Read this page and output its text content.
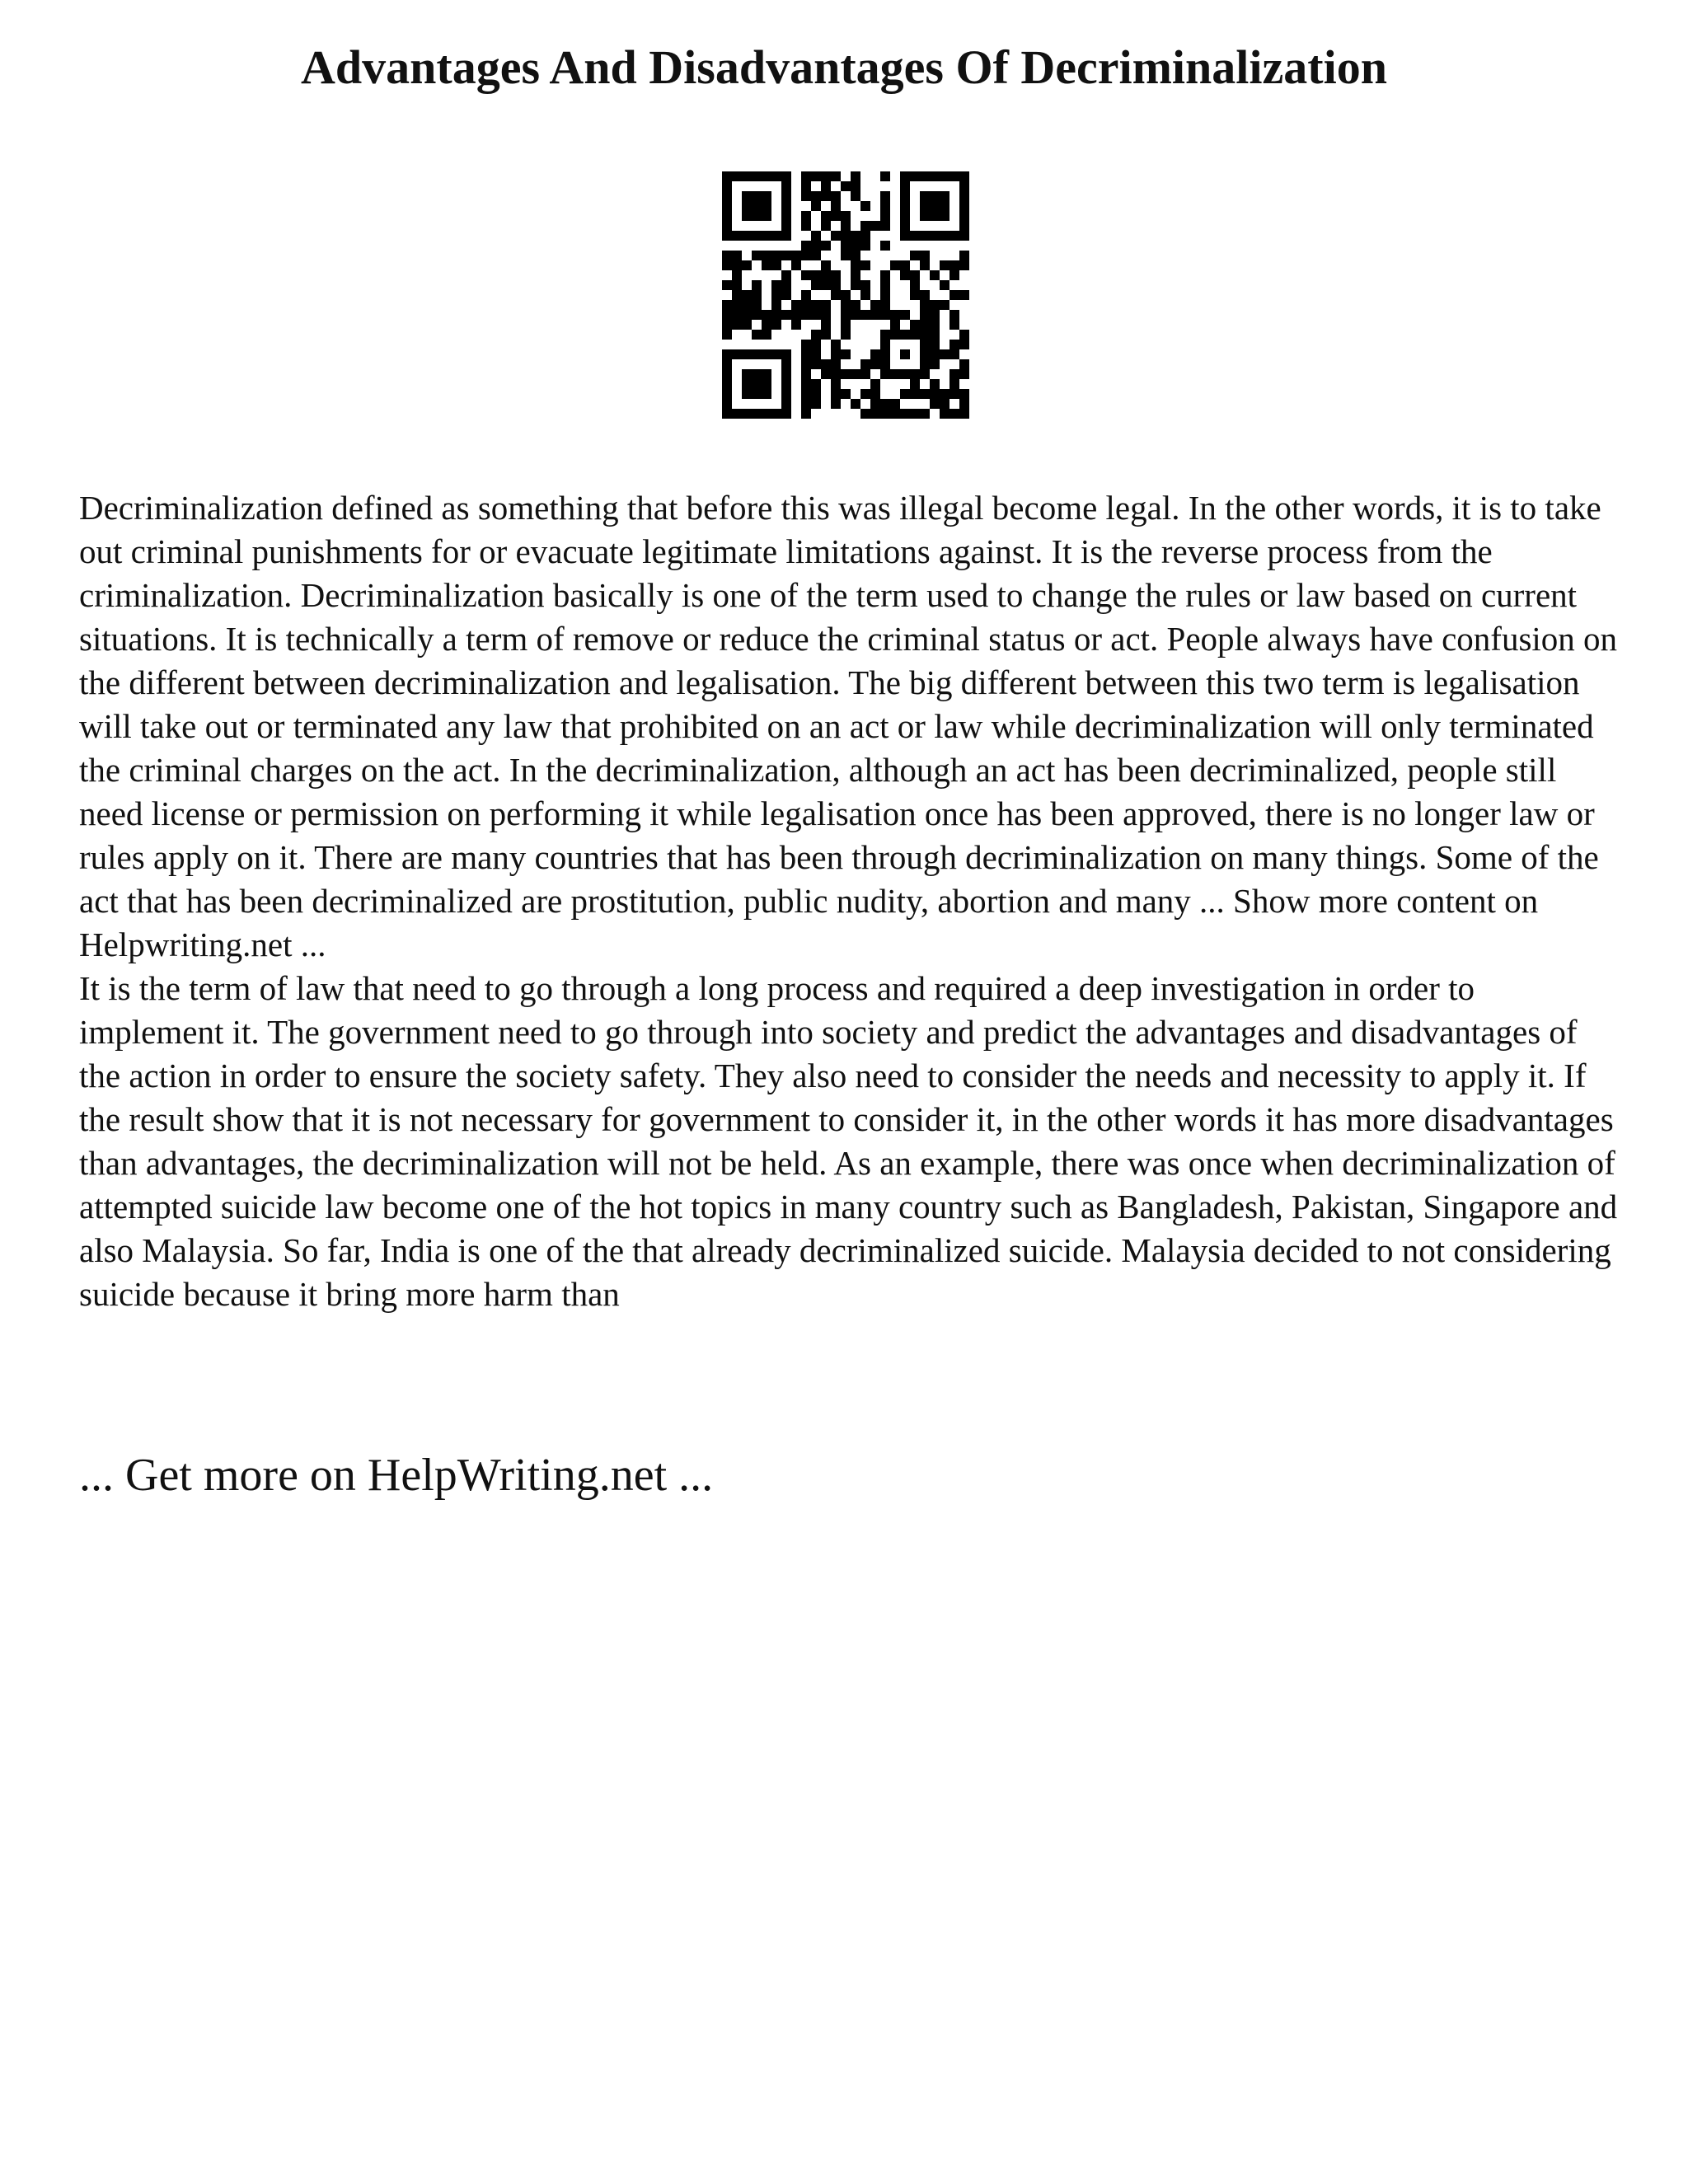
Advantages And Disadvantages Of Decriminalization

Decriminalization defined as something that before this was illegal become legal. In the other words, it is to take out criminal punishments for or evacuate legitimate limitations against. It is the reverse process from the criminalization. Decriminalization basically is one of the term used to change the rules or law based on current situations. It is technically a term of remove or reduce the criminal status or act. People always have confusion on the different between decriminalization and legalisation. The big different between this two term is legalisation will take out or terminated any law that prohibited on an act or law while decriminalization will only terminated the criminal charges on the act. In the decriminalization, although an act has been decriminalized, people still need license or permission on performing it while legalisation once has been approved, there is no longer law or rules apply on it. There are many countries that has been through decriminalization on many things. Some of the act that has been decriminalized are prostitution, public nudity, abortion and many ... Show more content on Helpwriting.net ...

It is the term of law that need to go through a long process and required a deep investigation in order to implement it. The government need to go through into society and predict the advantages and disadvantages of the action in order to ensure the society safety. They also need to consider the needs and necessity to apply it. If the result show that it is not necessary for government to consider it, in the other words it has more disadvantages than advantages, the decriminalization will not be held. As an example, there was once when decriminalization of attempted suicide law become one of the hot topics in many country such as Bangladesh, Pakistan, Singapore and also Malaysia. So far, India is one of the that already decriminalized suicide. Malaysia decided to not considering suicide because it bring more harm than

... Get more on HelpWriting.net ...
